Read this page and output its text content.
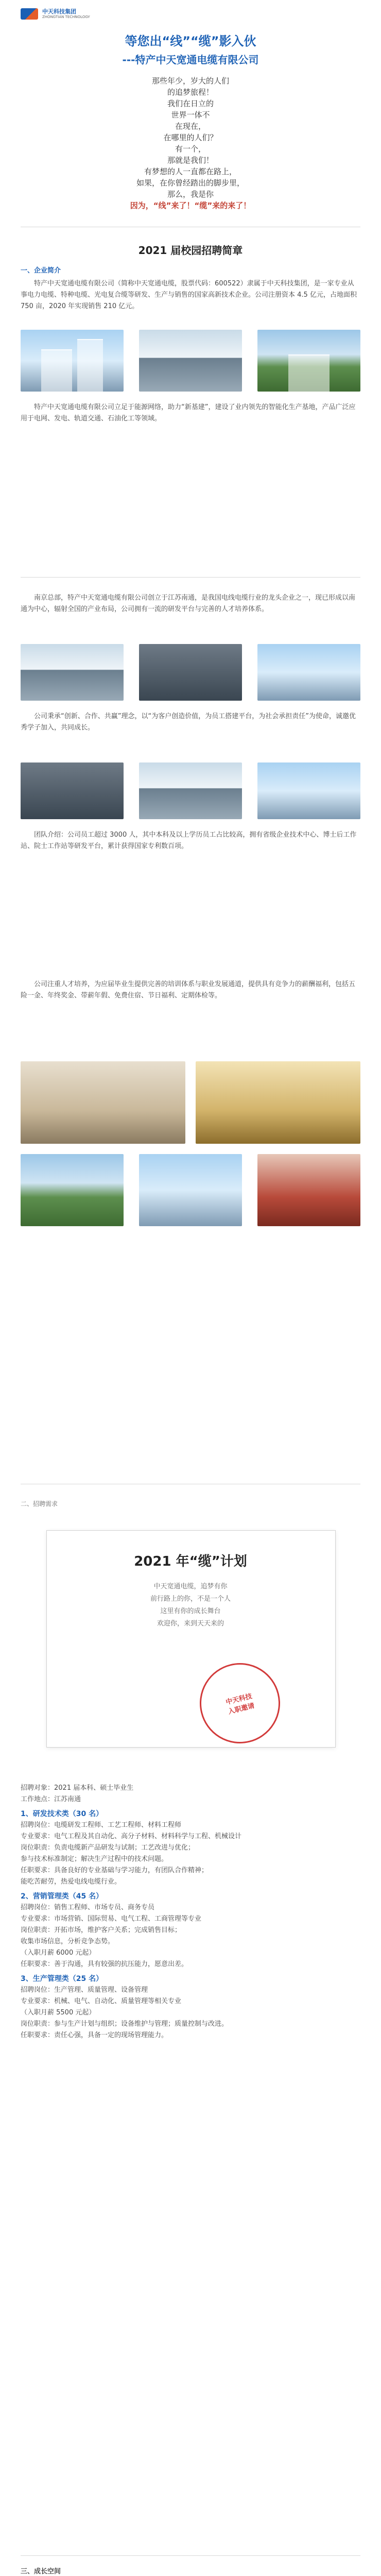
中天科技集团
ZHONGTIAN TECHNOLOGY
等您出“线”“缆”影入伙
---特产中天宽通电缆有限公司
那些年少，岁大的人们
的追梦旅程！
我们在日立的
世界一体不
在现在，
在哪里的人们？
有一个，
那就是我们！
有梦想的人一直都在路上，
如果，在你曾经踏出的脚步里，
那么，我是你
因为，“线”来了！“缆”来的来了！
2021 届校园招聘简章
一、企业简介
特产中天宽通电缆有限公司（简称中天宽通电缆，股票代码：600522）隶属于中天科技集团，是一家专业从事电力电缆、特种电缆、光电复合缆等研发、生产与销售的国家高新技术企业。公司注册资本 4.5 亿元，占地面积 750 亩，2020 年实现销售 210 亿元。
特产中天宽通电缆有限公司立足于能源网络，助力“新基建”，建设了业内领先的智能化生产基地，产品广泛应用于电网、发电、轨道交通、石油化工等领域。
南京总部，特产中天宽通电缆有限公司创立于江苏南通，是我国电线电缆行业的龙头企业之一，现已形成以南通为中心，辐射全国的产业布局，公司拥有一流的研发平台与完善的人才培养体系。
公司秉承“创新、合作、共赢”理念，以“为客户创造价值，为员工搭建平台，为社会承担责任”为使命，诚邀优秀学子加入，共同成长。
团队介绍：公司员工超过 3000 人，其中本科及以上学历员工占比较高，拥有省级企业技术中心、博士后工作站、院士工作站等研发平台，累计获得国家专利数百项。
公司注重人才培养，为应届毕业生提供完善的培训体系与职业发展通道，提供具有竞争力的薪酬福利，包括五险一金、年终奖金、带薪年假、免费住宿、节日福利、定期体检等。
二、招聘需求
2021 年“缆”计划
中天宽通电缆，追梦有你
前行路上的你，不是一个人
这里有你的成长舞台
欢迎你，来到天天来的
中天科技
入职邀请
招聘对象：2021 届本科、硕士毕业生
工作地点：江苏南通
1、研发技术类（30 名）
招聘岗位：电缆研发工程师、工艺工程师、材料工程师
专业要求：电气工程及其自动化、高分子材料、材料科学与工程、机械设计
岗位职责：负责电缆新产品研发与试制；工艺改进与优化；
参与技术标准制定；解决生产过程中的技术问题。
任职要求：具备良好的专业基础与学习能力，有团队合作精神；
能吃苦耐劳，热爱电线电缆行业。
2、营销管理类（45 名）
招聘岗位：销售工程师、市场专员、商务专员
专业要求：市场营销、国际贸易、电气工程、工商管理等专业
岗位职责：开拓市场，维护客户关系；完成销售目标；
收集市场信息，分析竞争态势。
（入职月薪 6000 元起）
任职要求：善于沟通，具有较强的抗压能力，愿意出差。
3、生产管理类（25 名）
招聘岗位：生产管理、质量管理、设备管理
专业要求：机械、电气、自动化、质量管理等相关专业
（入职月薪 5500 元起）
岗位职责：参与生产计划与组织；设备维护与管理；质量控制与改进。
任职要求：责任心强，具备一定的现场管理能力。
三、成长空间
